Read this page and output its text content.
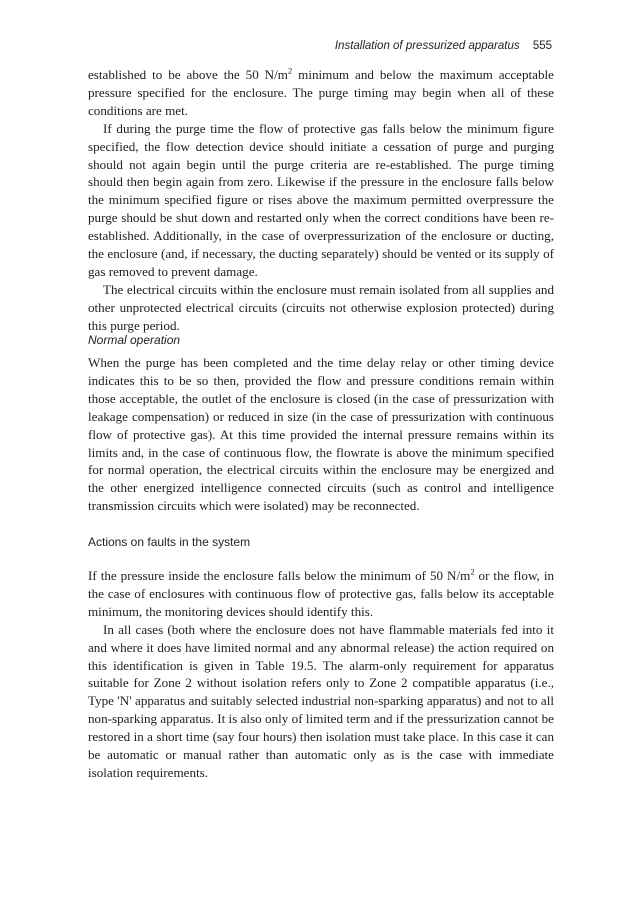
Installation of pressurized apparatus 555

established to be above the 50 $N/m^2$ minimum and below the maximum acceptable pressure specified for the enclosure. The purge timing may begin when all of these conditions are met.

If during the purge time the flow of protective gas falls below the minimum figure specified, the flow detection device should initiate a cessation of purge and purging should not again begin until the purge criteria are re-established. The purge timing should then begin again from zero. Likewise if the pressure in the enclosure falls below the minimum specified figure or rises above the maximum permitted overpressure the purge should be shut down and restarted only when the correct conditions have been re-established. Additionally, in the case of overpressurization of the enclosure or ducting, the enclosure (and, if necessary, the ducting separately) should be vented or its supply of gas removed to prevent damage.

The electrical circuits within the enclosure must remain isolated from all supplies and other unprotected electrical circuits (circuits not otherwise explosion protected) during this purge period.

Normal operation

When the purge has been completed and the time delay relay or other timing device indicates this to be so then, provided the flow and pressure conditions remain within those acceptable, the outlet of the enclosure is closed (in the case of pressurization with leakage compensation) or reduced in size (in the case of pressurization with continuous flow of protective gas). At this time provided the internal pressure remains within its limits and, in the case of continuous flow, the flowrate is above the minimum specified for normal operation, the electrical circuits within the enclosure may be energized and the other energized intelligence connected circuits (such as control and intelligence transmission circuits which were isolated) may be reconnected.

Actions on faults in the system

If the pressure inside the enclosure falls below the minimum of 50 $N/m^2$ or the flow, in the case of enclosures with continuous flow of protective gas, falls below its acceptable minimum, the monitoring devices should identify this.

In all cases (both where the enclosure does not have flammable materials fed into it and where it does have limited normal and any abnormal release) the action required on this identification is given in Table 19.5. The alarm-only requirement for apparatus suitable for Zone 2 without isolation refers only to Zone 2 compatible apparatus (i.e., Type 'N' apparatus and suitably selected industrial non-sparking apparatus) and not to all non-sparking apparatus. It is also only of limited term and if the pressurization cannot be restored in a short time (say four hours) then isolation must take place. In this case it can be automatic or manual rather than automatic only as is the case with immediate isolation requirements.
